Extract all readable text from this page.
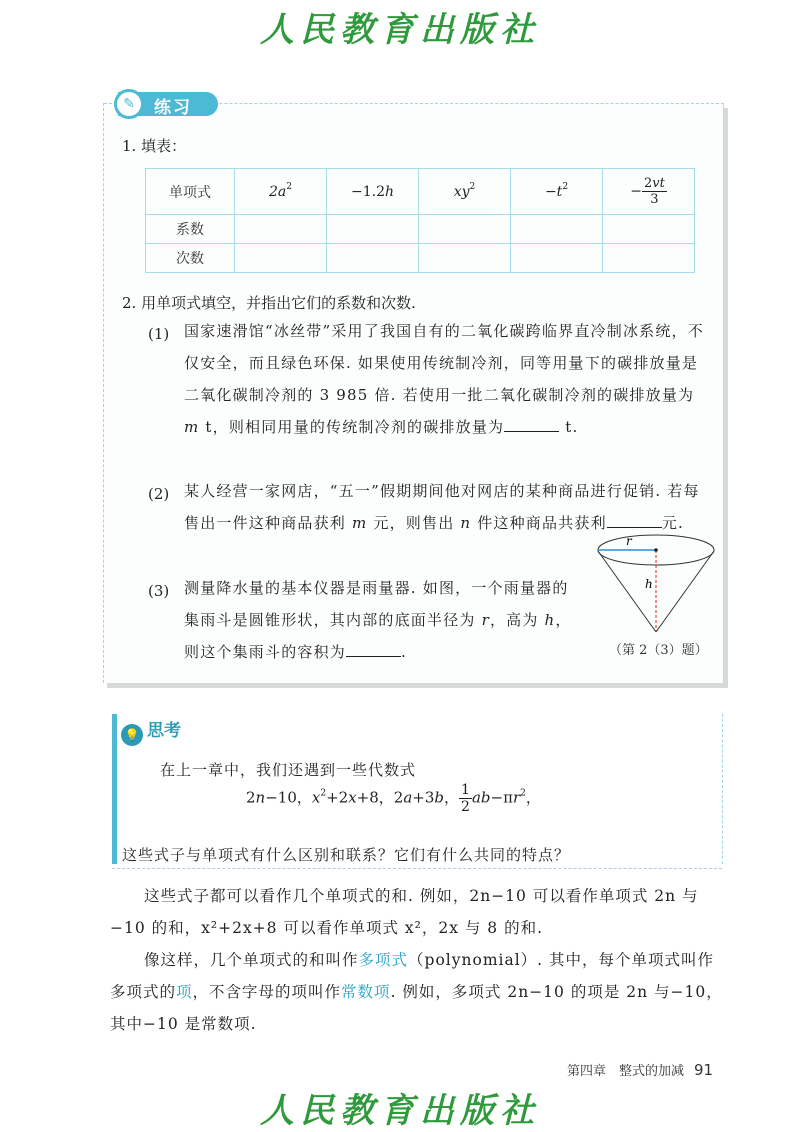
人民教育出版社
✎	练习
1. 填表：
单项式	$2a^2$	−1.2h	$xy^2$	$-t^2$	− $\frac{2vt}{3}$

系数					
次数					
2. 用单项式填空，并指出它们的系数和次数.
(1) 国家速滑馆“冰丝带”采用了我国自有的二氧化碳跨临界直冷制冰系统，不仅安全，而且绿色环保. 如果使用传统制冷剂，同等用量下的碳排放量是二氧化碳制冷剂的 3 985 倍. 若使用一批二氧化碳制冷剂的碳排放量为 m t，则相同用量的传统制冷剂的碳排放量为	t.
(2) 某人经营一家网店，“五一”假期期间他对网店的某种商品进行促销. 若每售出一件这种商品获利 m 元，则售出 n 件这种商品共获利	元.
(3) 测量降水量的基本仪器是雨量器. 如图，一个雨量器的集雨斗是圆锥形状，其内部的底面半径为 r，高为 h，则这个集雨斗的容积为	.
r
h
（第 2（3）题）
💡 思考
在上一章中，我们还遇到一些代数式
2n−10，$x^2+2x+8$，2a+3b， $\frac{1}{2} ab-\pi r^2$，
这些式子与单项式有什么区别和联系？它们有什么共同的特点？
这些式子都可以看作几个单项式的和. 例如，2n−10 可以看作单项式 2n 与−10 的和，x²+2x+8 可以看作单项式 x²，2x 与 8 的和.
像这样，几个单项式的和叫作多项式（polynomial）. 其中，每个单项式叫作多项式的项，不含字母的项叫作常数项. 例如，多项式 2n−10 的项是 2n 与−10，其中−10 是常数项.
第四章　整式的加减 91
人民教育出版社
